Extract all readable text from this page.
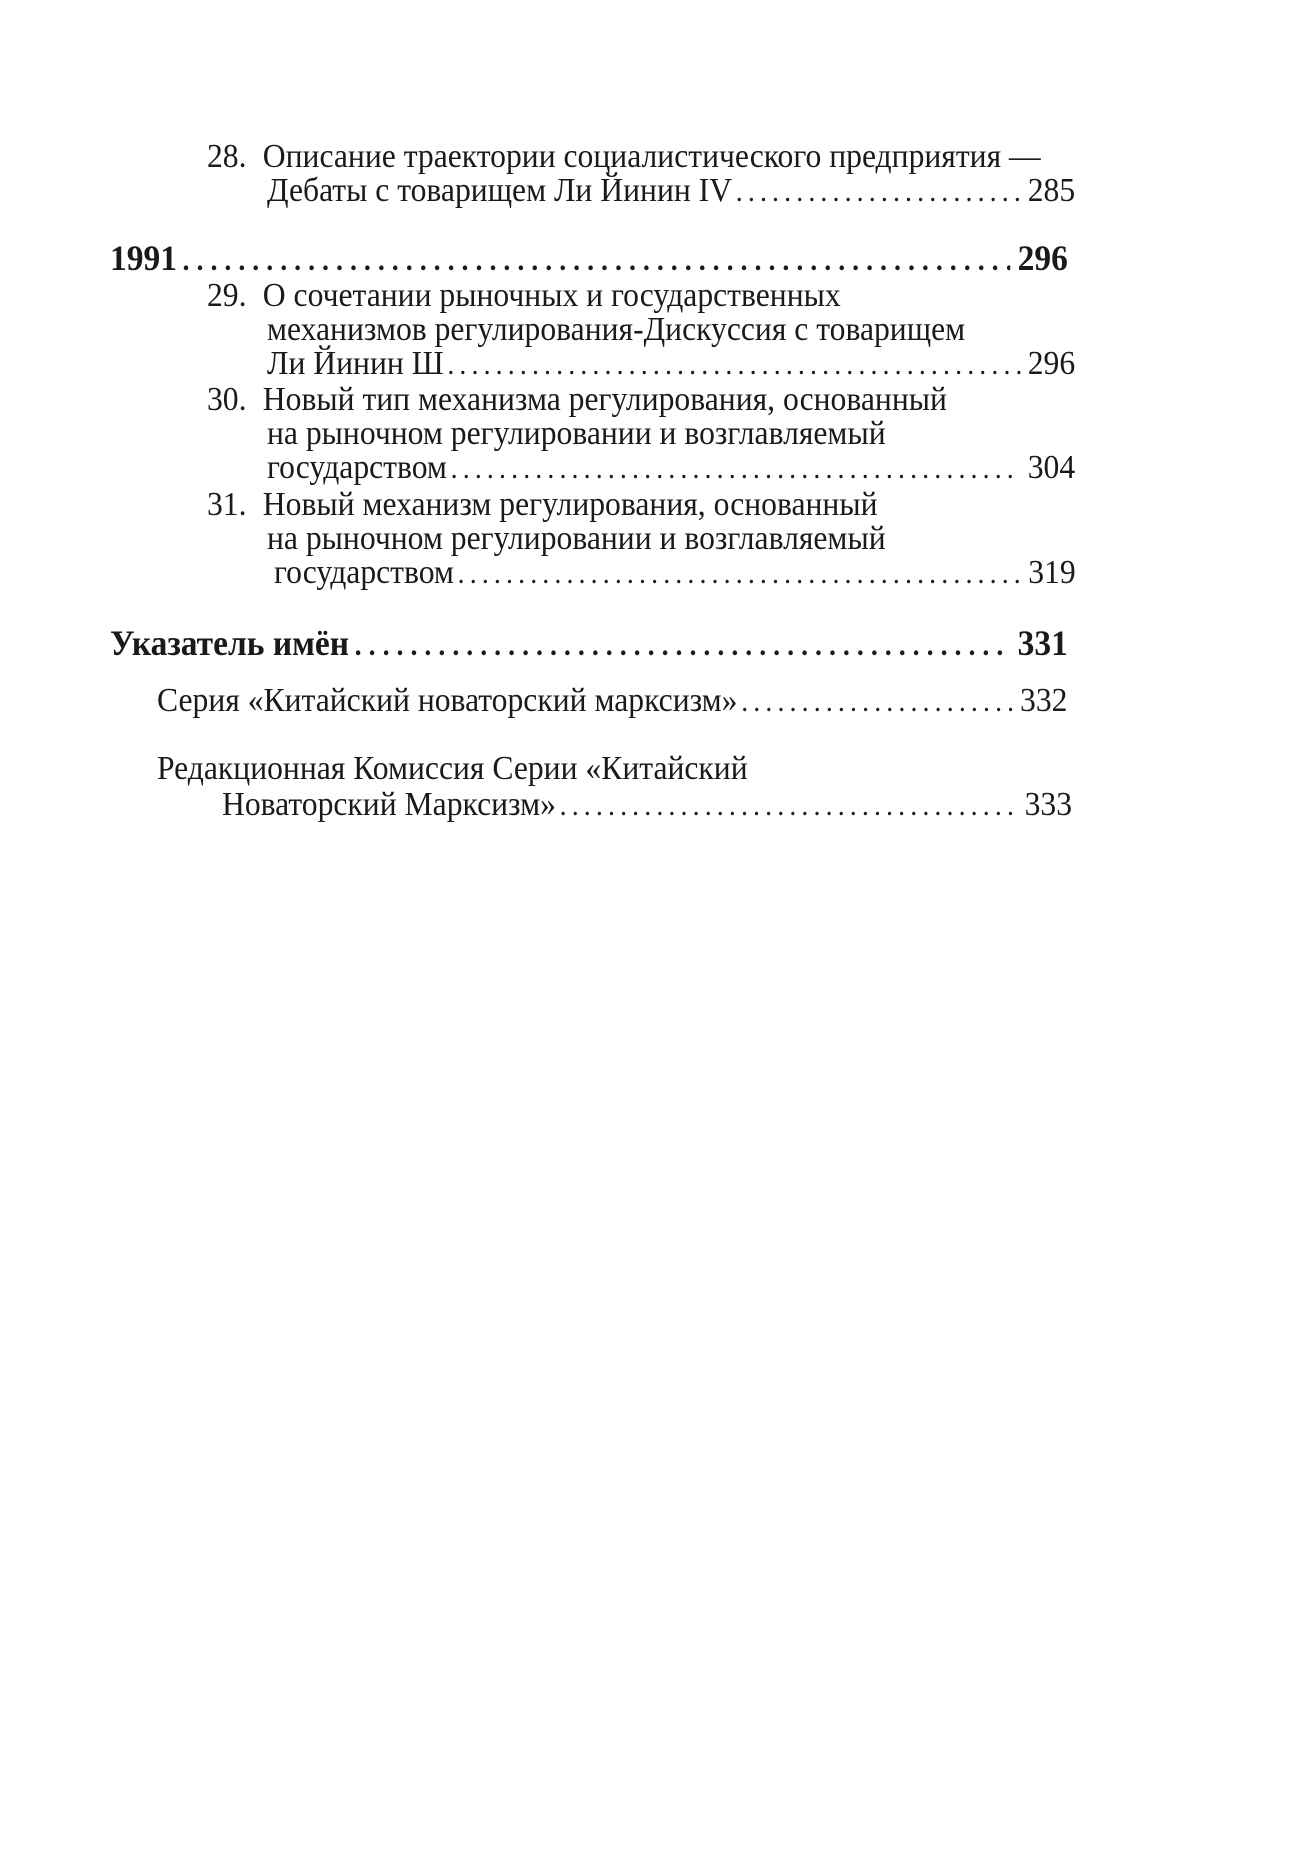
28. Описание траектории социалистического предприятия —
Дебаты с товарищем Ли Йинин IV . . .	285
1991 . . .	296
29. О сочетании рыночных и государственных
механизмов регулирования-Дискуссия с товарищем
Ли Йинин Ш . . .	296
30. Новый тип механизма регулирования, основанный
на рыночном регулировании и возглавляемый
государством . . .	304
31. Новый механизм регулирования, основанный
на рыночном регулировании и возглавляемый
государством . . .	319
Указатель имён . . .	331
Серия «Китайский новаторский марксизм» . . .	332
Редакционная Комиссия Серии «Китайский
Новаторский Марксизм» . . .	333
